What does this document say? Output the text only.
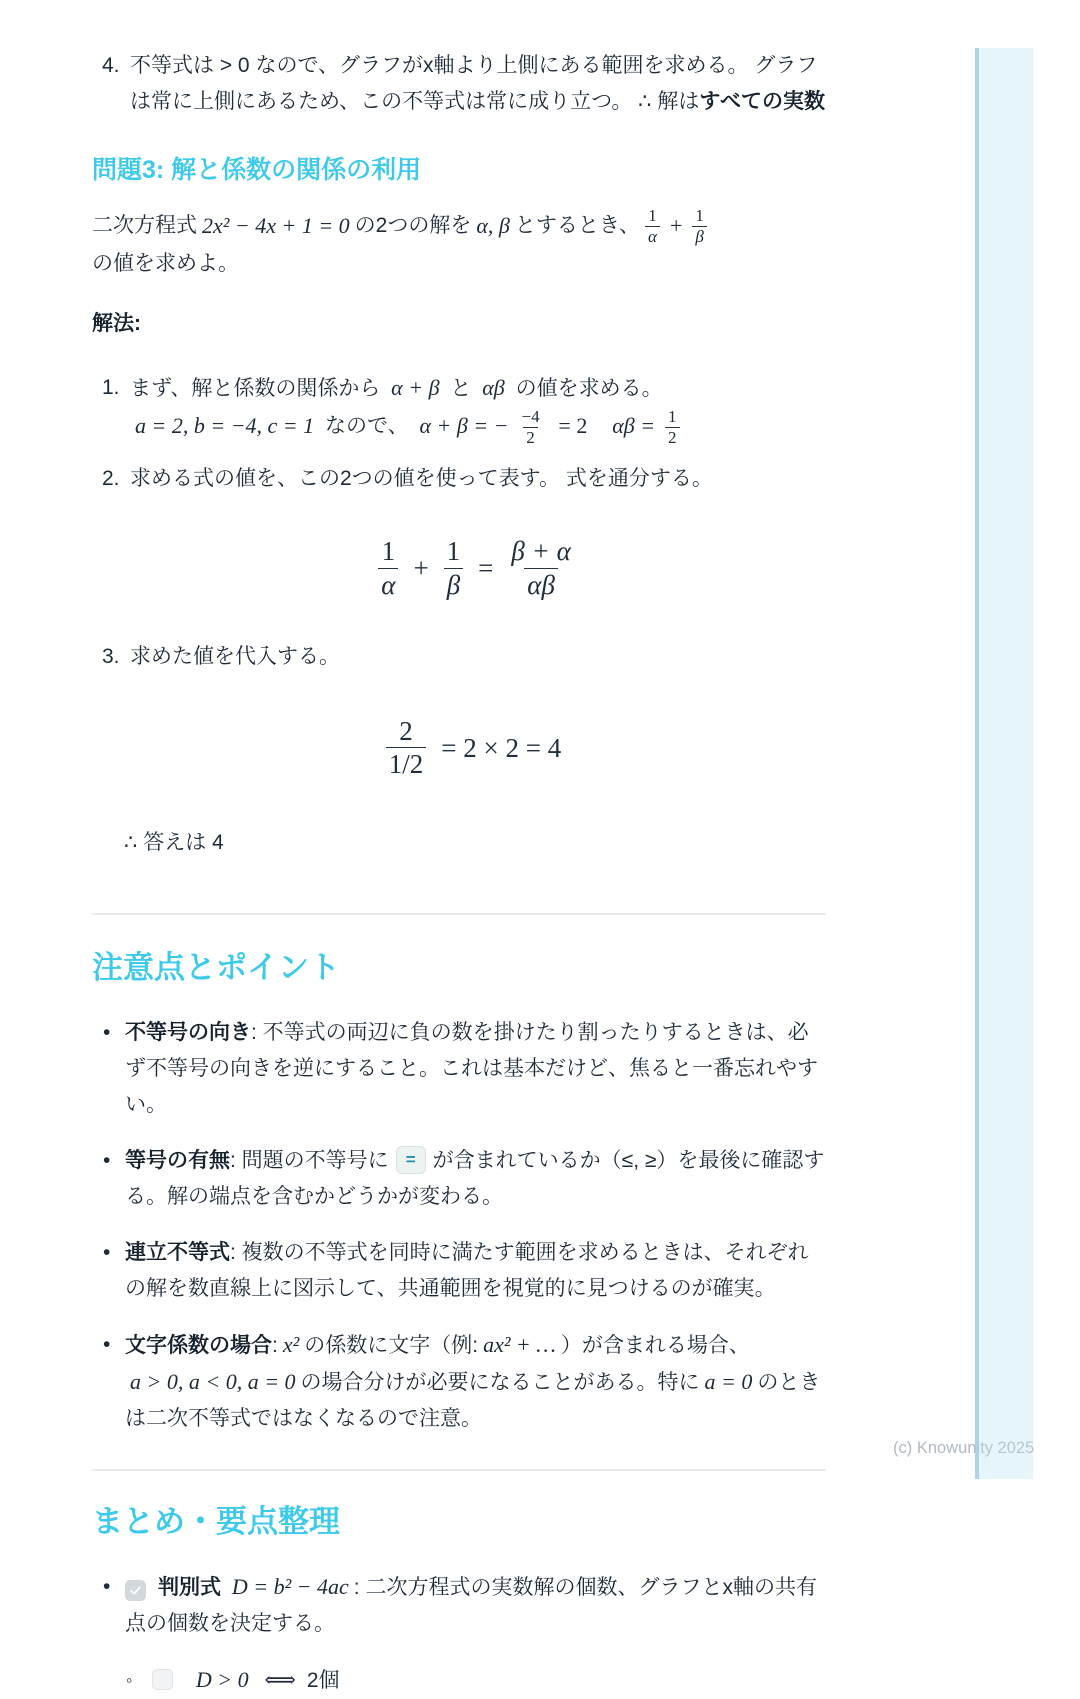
4. 不等式は > 0 なので、グラフがx軸より上側にある範囲を求める。 グラフは常に上側にあるため、この不等式は常に成り立つ。 ∴ 解はすべての実数

問題3: 解と係数の関係の利用

二次方程式 2x² − 4x + 1 = 0 の2つの解を α, β とするとき、 $\frac{1}{\alpha} + \frac{1}{\beta}$
の値を求めよ。

解法:

1. まず、解と係数の関係から α + β と αβ の値を求める。 a = 2, b = −4, c = 1 なので、 α + β = − $\frac{-4}{2} = 2$ $\alpha\beta = \frac{1}{2}$

2. 求める式の値を、この2つの値を使って表す。 式を通分する。

$\frac{1}{\alpha} + \frac{1}{\beta} = \frac{\beta + \alpha}{\alpha\beta}$
3. 求めた値を代入する。

$\frac{2}{1/2} = 2 \times 2 = 4$

∴ 答えは 4

注意点とポイント
• 不等号の向き: 不等式の両辺に負の数を掛けたり割ったりするときは、必ず不等号の向きを逆にすること。これは基本だけど、焦ると一番忘れやすい。

• 等号の有無: 問題の不等号に = が含まれているか（≤, ≥）を最後に確認する。解の端点を含むかどうかが変わる。

• 連立不等式: 複数の不等式を同時に満たす範囲を求めるときは、それぞれの解を数直線上に図示して、共通範囲を視覚的に見つけるのが確実。

• 文字係数の場合: x² の係数に文字（例: ax² + … ）が含まれる場合、a > 0, a < 0, a = 0 の場合分けが必要になることがある。特に a = 0 のときは二次不等式ではなくなるので注意。

まとめ・要点整理
•	判別式 D = b² − 4ac : 二次方程式の実数解の個数、グラフとx軸の共有点の個数を決定する。

◦	D > 0 ⟺ 2個

(c) Knowunity 2025
